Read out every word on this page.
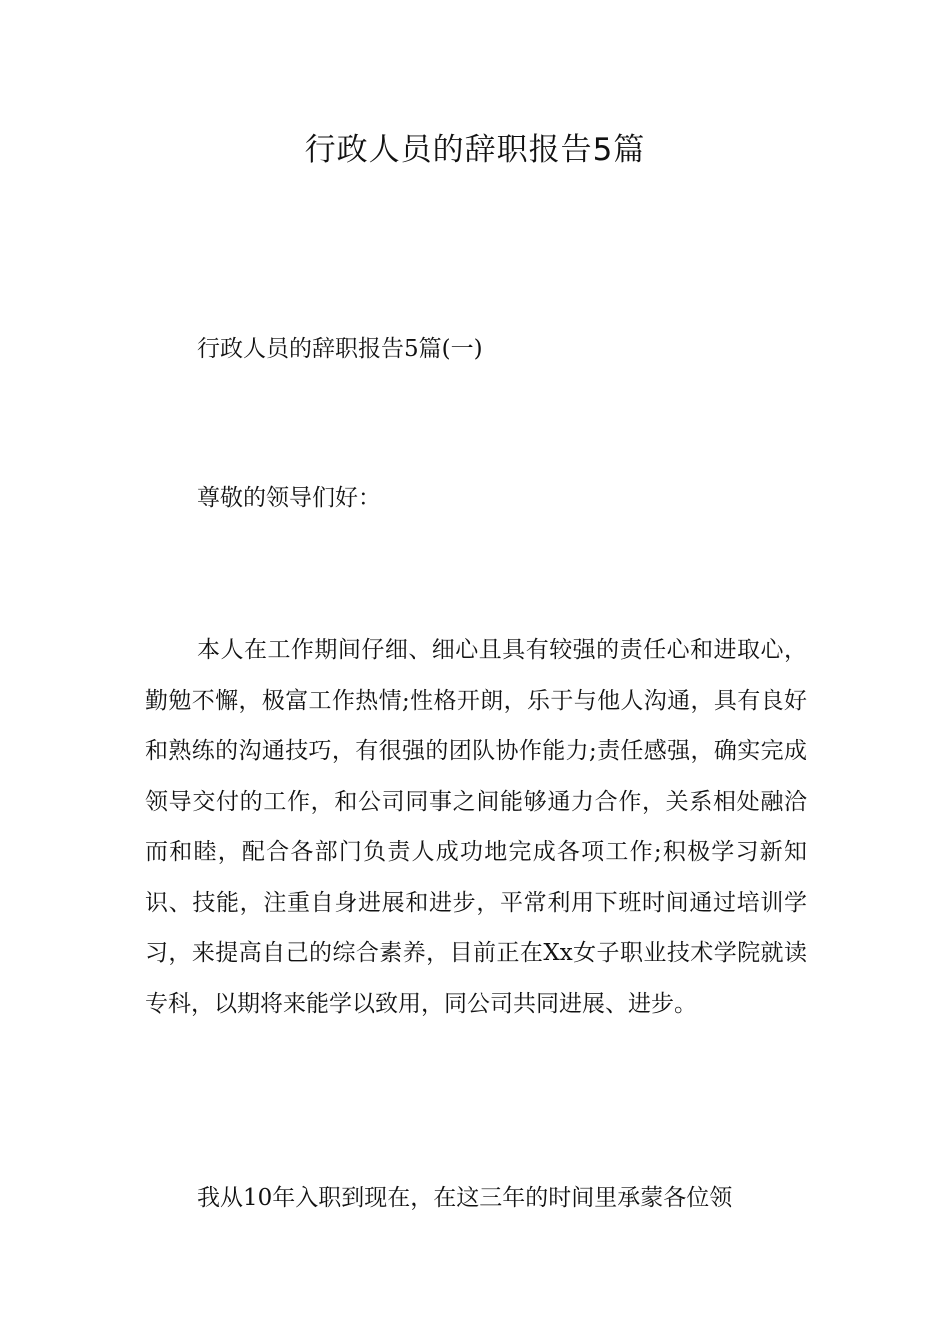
行政人员的辞职报告5篇

行政人员的辞职报告5篇(一)

尊敬的领导们好：

本人在工作期间仔细、细心且具有较强的责任心和进取心，勤勉不懈，极富工作热情;性格开朗，乐于与他人沟通，具有良好和熟练的沟通技巧，有很强的团队协作能力;责任感强，确实完成领导交付的工作，和公司同事之间能够通力合作，关系相处融洽而和睦，配合各部门负责人成功地完成各项工作;积极学习新知识、技能，注重自身进展和进步，平常利用下班时间通过培训学习，来提高自己的综合素养，目前正在Xx女子职业技术学院就读专科，以期将来能学以致用，同公司共同进展、进步。

我从10年入职到现在，在这三年的时间里承蒙各位领
